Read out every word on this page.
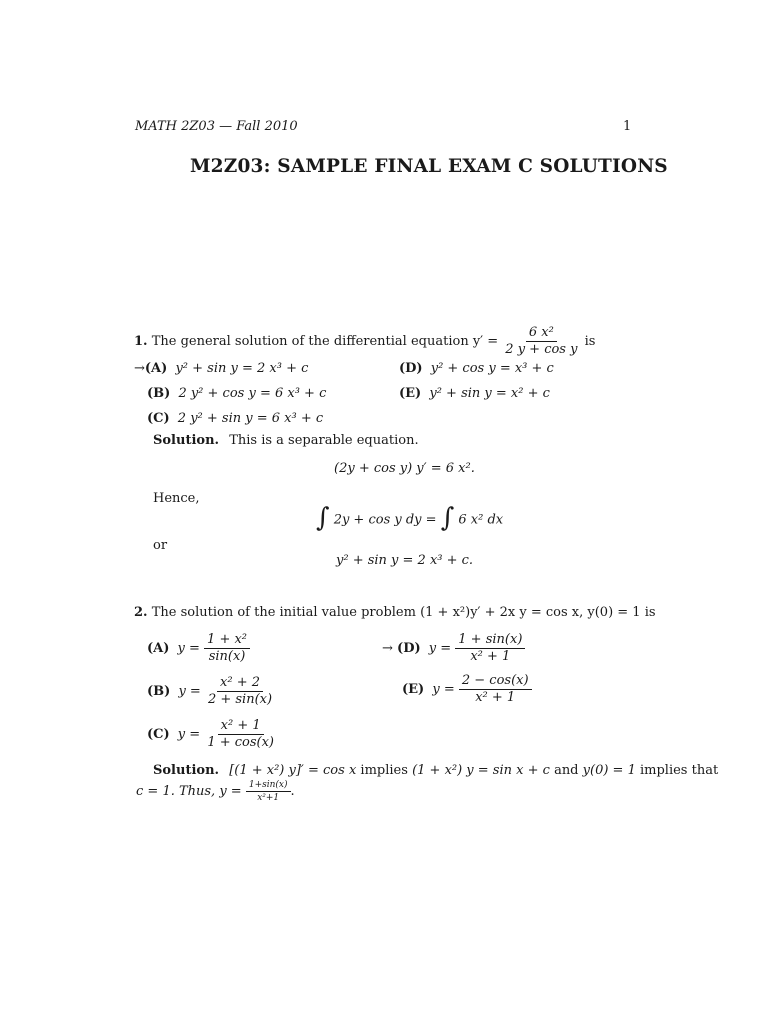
MATH 2Z03 — Fall 2010	1
M2Z03: SAMPLE FINAL EXAM C SOLUTIONS
1. The general solution of the differential equation $y' = \frac{\text{6 x²}}{\text{2 y + cos y}}$ is
→(A) y² + sin y = 2 x³ + c
(B) 2 y² + cos y = 6 x³ + c
(C) 2 y² + sin y = 6 x³ + c
(D) y² + cos y = x³ + c
(E) y² + sin y = x² + c
Solution. This is a separable equation.
(2y + cos y) y′ = 6 x².
Hence,
∫ 2y + cos y dy = ∫ 6 x² dx
or
y² + sin y = 2 x³ + c.
2. The solution of the initial value problem (1 + x²)y′ + 2x y = cos x, y(0) = 1 is
(A) $y = \frac{\text{1 + x²}}{\sin(x)}$
(B) $y = \frac{\text{x² + 2}}{2 + \sin(x)}$
(C) $y = \frac{\text{x² + 1}}{1 + \cos(x)}$
→ (D) $y = \frac{1 + \sin(x)}{\text{x² + 1}}$
(E) $y = \frac{2 - \cos(x)}{\text{x² + 1}}$
Solution. [(1 + x²) y]′ = cos x implies (1 + x²) y = sin x + c and y(0) = 1 implies that
c = 1. Thus, $y = \frac{1+\sin(x)}{\text{x²+1}}$ .
